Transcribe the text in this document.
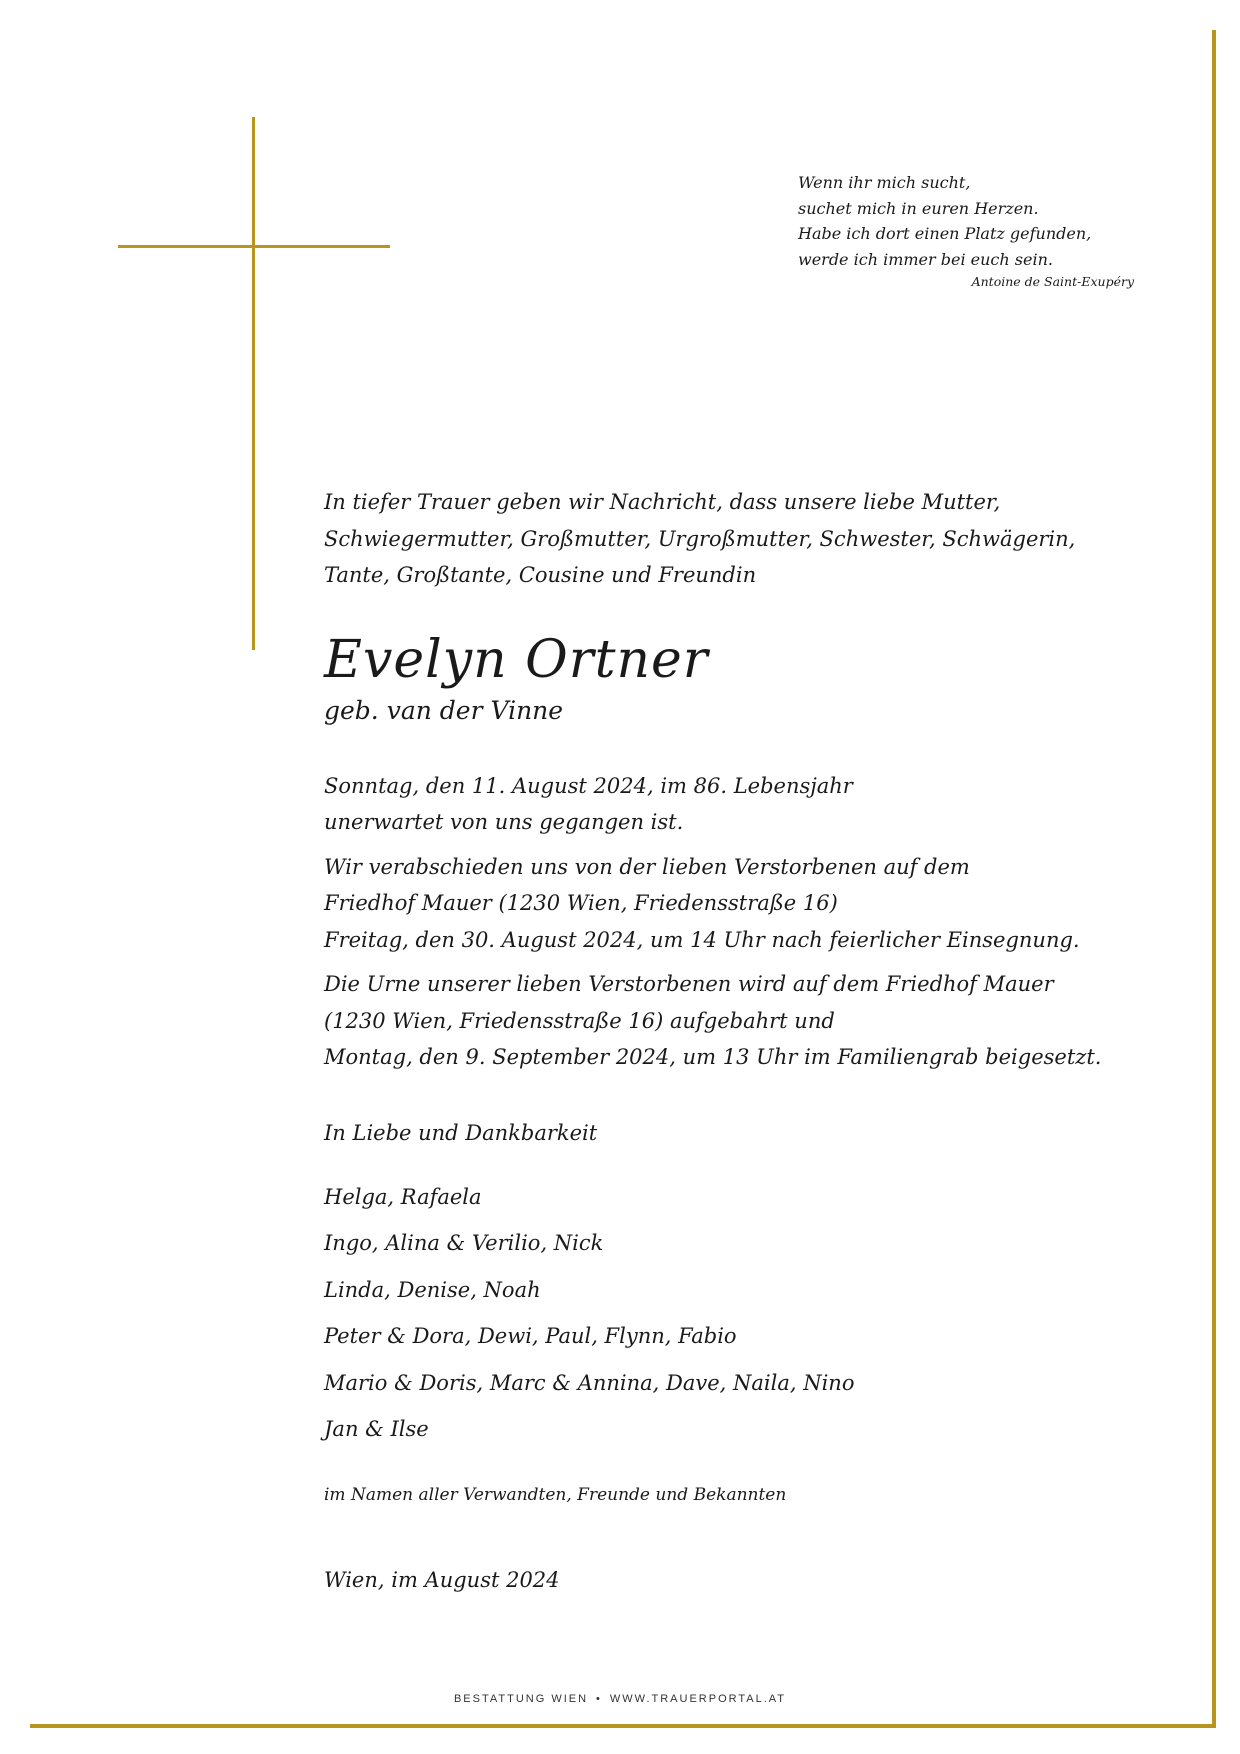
Wenn ihr mich sucht,
suchet mich in euren Herzen.
Habe ich dort einen Platz gefunden,
werde ich immer bei euch sein.
Antoine de Saint-Exupéry
In tiefer Trauer geben wir Nachricht, dass unsere liebe Mutter,
Schwiegermutter, Großmutter, Urgroßmutter, Schwester, Schwägerin,
Tante, Großtante, Cousine und Freundin
Evelyn Ortner
geb. van der Vinne
Sonntag, den 11. August 2024, im 86. Lebensjahr
unerwartet von uns gegangen ist.
Wir verabschieden uns von der lieben Verstorbenen auf dem
Friedhof Mauer (1230 Wien, Friedensstraße 16)
Freitag, den 30. August 2024, um 14 Uhr nach feierlicher Einsegnung.
Die Urne unserer lieben Verstorbenen wird auf dem Friedhof Mauer
(1230 Wien, Friedensstraße 16) aufgebahrt und
Montag, den 9. September 2024, um 13 Uhr im Familiengrab beigesetzt.
In Liebe und Dankbarkeit
Helga, Rafaela
Ingo, Alina & Verilio, Nick
Linda, Denise, Noah
Peter & Dora, Dewi, Paul, Flynn, Fabio
Mario & Doris, Marc & Annina, Dave, Naila, Nino
Jan & Ilse
im Namen aller Verwandten, Freunde und Bekannten
Wien, im August 2024
BESTATTUNG WIEN • WWW.TRAUERPORTAL.AT
